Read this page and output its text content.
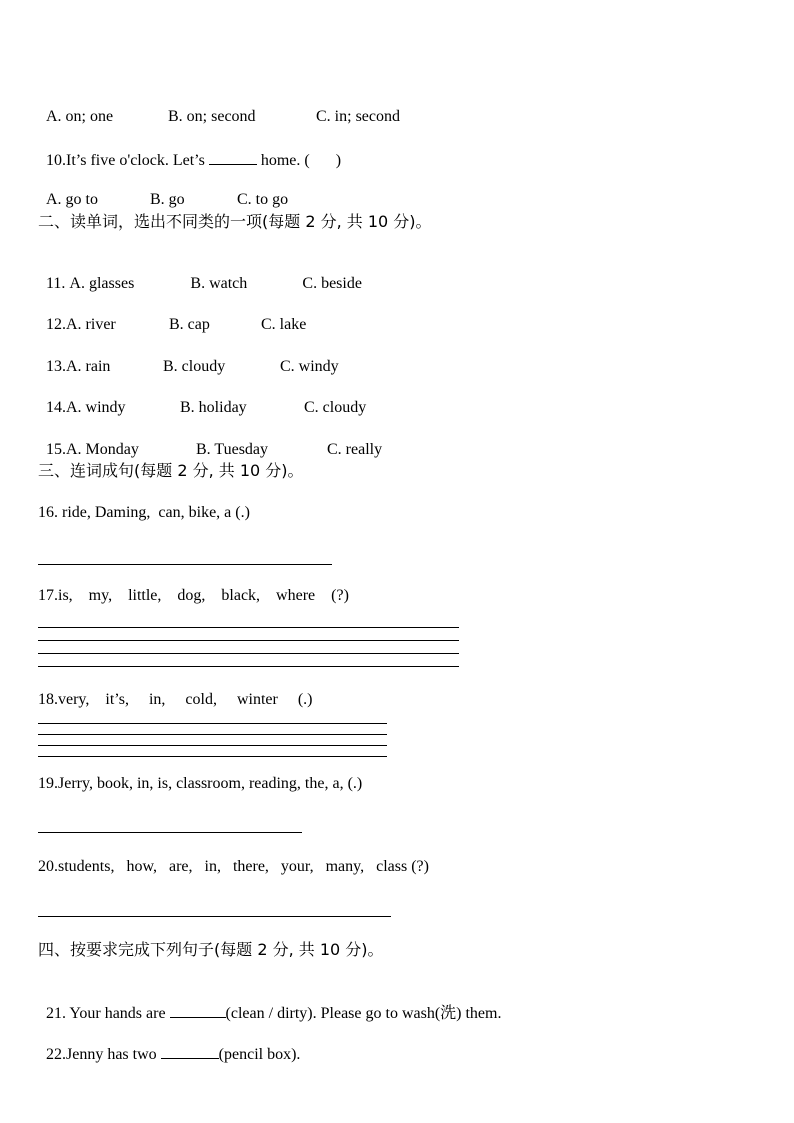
A. on; one	B. on; second	C. in; second

10.It’s five o'clock. Let’s	home. ( )

A. go to	B. go	C. to go

二、读单词，选出不同类的一项(每题 2 分, 共 10 分)。

11. A. glasses	B. watch	C. beside

12.A. river	B. cap	C. lake

13.A. rain	B. cloudy	C. windy

14.A. windy	B. holiday	C. cloudy

15.A. Monday	B. Tuesday	C. really

三、连词成句(每题 2 分, 共 10 分)。
16. ride, Daming,  can, bike, a (.)
17.is,    my,    little,    dog,    black,    where    (?)
18.very,    it’s,     in,     cold,     winter     (.)
19.Jerry, book, in, is, classroom, reading, the, a, (.)
20.students,   how,   are,   in,   there,   your,   many,   class (?)
四、按要求完成下列句子(每题 2 分, 共 10 分)。

21. Your hands are	(clean / dirty). Please go to wash(洗) them.

22.Jenny has two	(pencil box).
